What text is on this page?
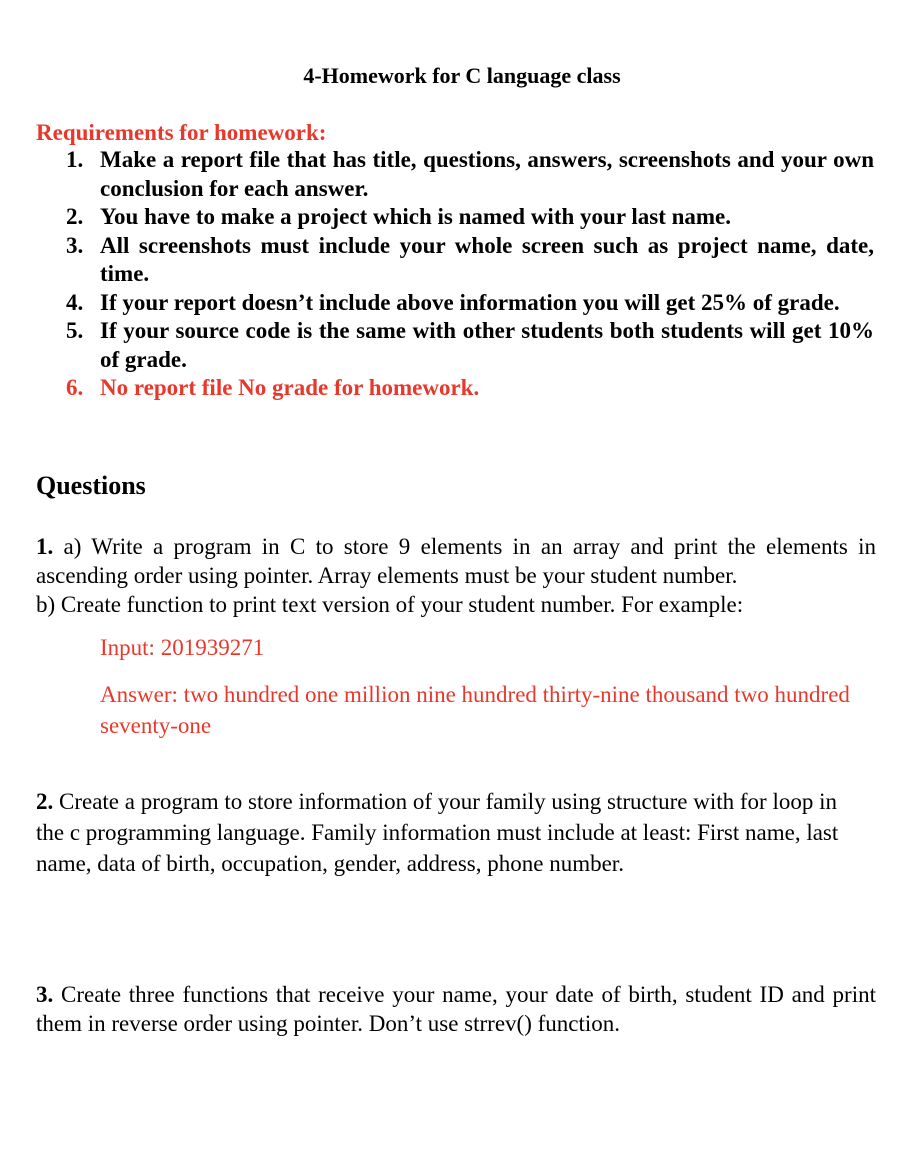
4-Homework for C language class
Requirements for homework:
1. Make a report file that has title, questions, answers, screenshots and your own conclusion for each answer.
2. You have to make a project which is named with your last name.
3. All screenshots must include your whole screen such as project name, date, time.
4. If your report doesn’t include above information you will get 25% of grade.
5. If your source code is the same with other students both students will get 10% of grade.
6. No report file No grade for homework.
Questions
1. a) Write a program in C to store 9 elements in an array and print the elements in ascending order using pointer. Array elements must be your student number.
b) Create function to print text version of your student number. For example:
Input: 201939271
Answer: two hundred one million nine hundred thirty-nine thousand two hundred seventy-one
2. Create a program to store information of your family using structure with for loop in the c programming language. Family information must include at least: First name, last name, data of birth, occupation, gender, address, phone number.
3. Create three functions that receive your name, your date of birth, student ID and print them in reverse order using pointer. Don’t use strrev() function.
